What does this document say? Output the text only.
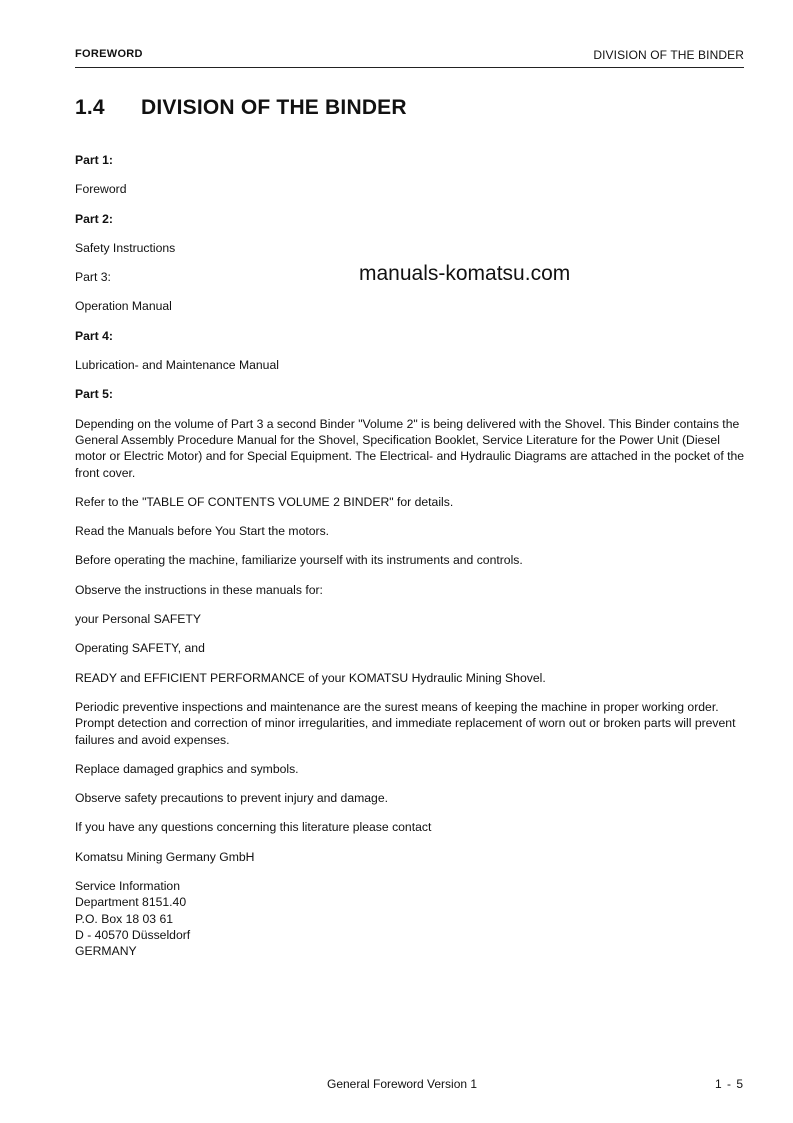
FOREWORD	DIVISION OF THE BINDER
1.4 DIVISION OF THE BINDER
manuals-komatsu.com

Part 1:

Foreword

Part 2:

Safety Instructions

Part 3:

Operation Manual

Part 4:

Lubrication- and Maintenance Manual

Part 5:

Depending on the volume of Part 3 a second Binder "Volume 2" is being delivered with the Shovel. This Binder contains the General Assembly Procedure Manual for the Shovel, Specification Booklet, Service Literature for the Power Unit (Diesel motor or Electric Motor) and for Special Equipment. The Electrical- and Hydraulic Diagrams are attached in the pocket of the front cover.

Refer to the "TABLE OF CONTENTS VOLUME 2 BINDER" for details.

Read the Manuals before You Start the motors.

Before operating the machine, familiarize yourself with its instruments and controls.

Observe the instructions in these manuals for:

your Personal SAFETY

Operating SAFETY, and

READY and EFFICIENT PERFORMANCE of your KOMATSU Hydraulic Mining Shovel.

Periodic preventive inspections and maintenance are the surest means of keeping the machine in proper working order. Prompt detection and correction of minor irregularities, and immediate replacement of worn out or broken parts will prevent failures and avoid expenses.

Replace damaged graphics and symbols.

Observe safety precautions to prevent injury and damage.

If you have any questions concerning this literature please contact

Komatsu Mining Germany GmbH

Service Information
Department 8151.40
P.O. Box 18 03 61
D - 40570 Düsseldorf
GERMANY
General Foreword Version 1	1 - 5
